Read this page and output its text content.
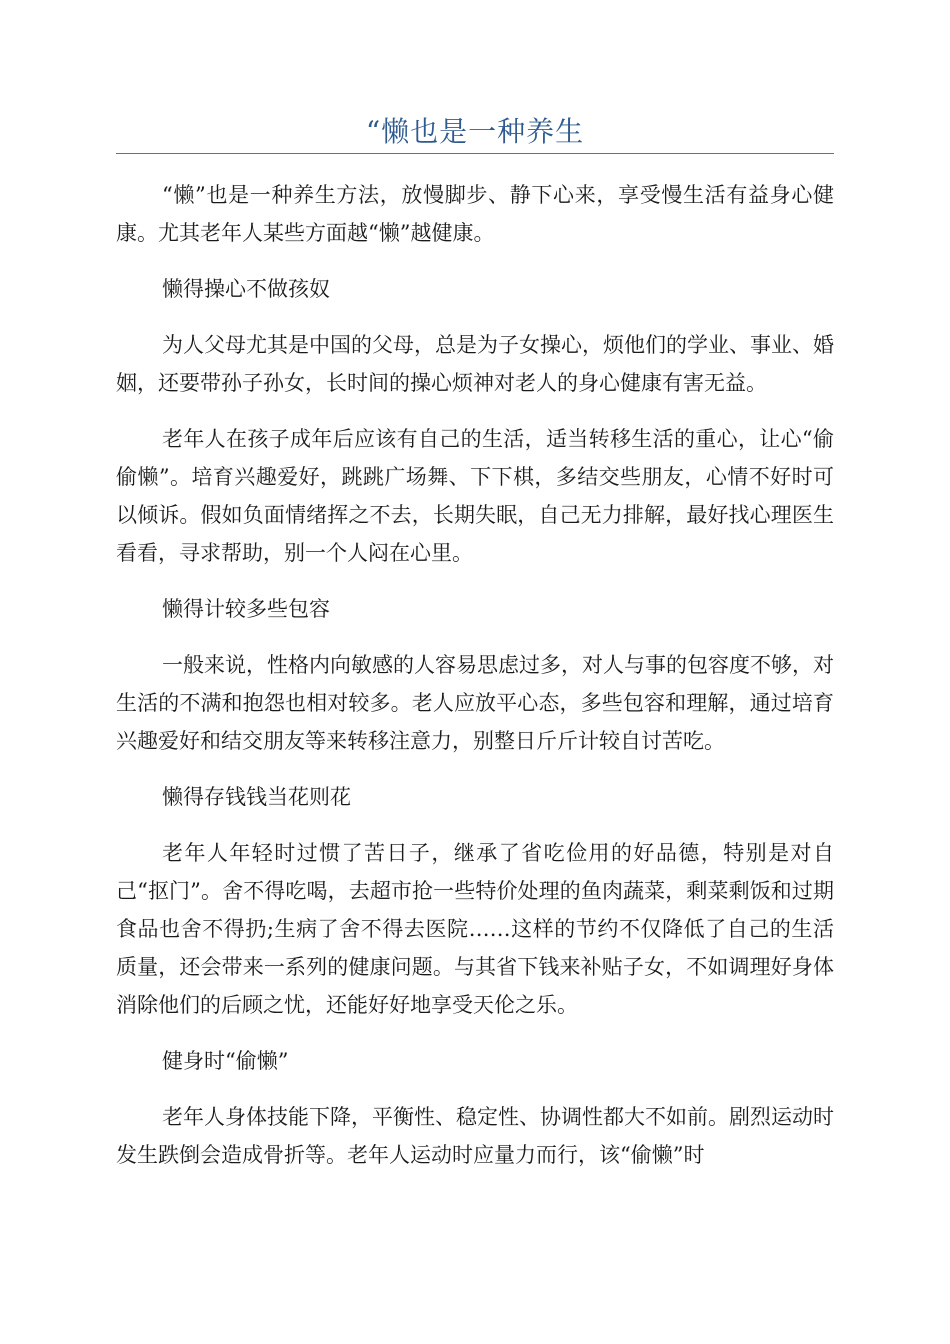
“懒也是一种养生

“懒”也是一种养生方法，放慢脚步、静下心来，享受慢生活有益身心健康。尤其老年人某些方面越“懒”越健康。

懒得操心不做孩奴

为人父母尤其是中国的父母，总是为子女操心，烦他们的学业、事业、婚姻，还要带孙子孙女，长时间的操心烦神对老人的身心健康有害无益。

老年人在孩子成年后应该有自己的生活，适当转移生活的重心，让心“偷偷懒”。培育兴趣爱好，跳跳广场舞、下下棋，多结交些朋友，心情不好时可以倾诉。假如负面情绪挥之不去，长期失眠，自己无力排解，最好找心理医生看看，寻求帮助，别一个人闷在心里。

懒得计较多些包容

一般来说，性格内向敏感的人容易思虑过多，对人与事的包容度不够，对生活的不满和抱怨也相对较多。老人应放平心态，多些包容和理解，通过培育兴趣爱好和结交朋友等来转移注意力，别整日斤斤计较自讨苦吃。

懒得存钱钱当花则花

老年人年轻时过惯了苦日子，继承了省吃俭用的好品德，特别是对自己“抠门”。舍不得吃喝，去超市抢一些特价处理的鱼肉蔬菜，剩菜剩饭和过期食品也舍不得扔;生病了舍不得去医院……这样的节约不仅降低了自己的生活质量，还会带来一系列的健康问题。与其省下钱来补贴子女，不如调理好身体消除他们的后顾之忧，还能好好地享受天伦之乐。

健身时“偷懒”

老年人身体技能下降，平衡性、稳定性、协调性都大不如前。剧烈运动时发生跌倒会造成骨折等。老年人运动时应量力而行，该“偷懒”时
